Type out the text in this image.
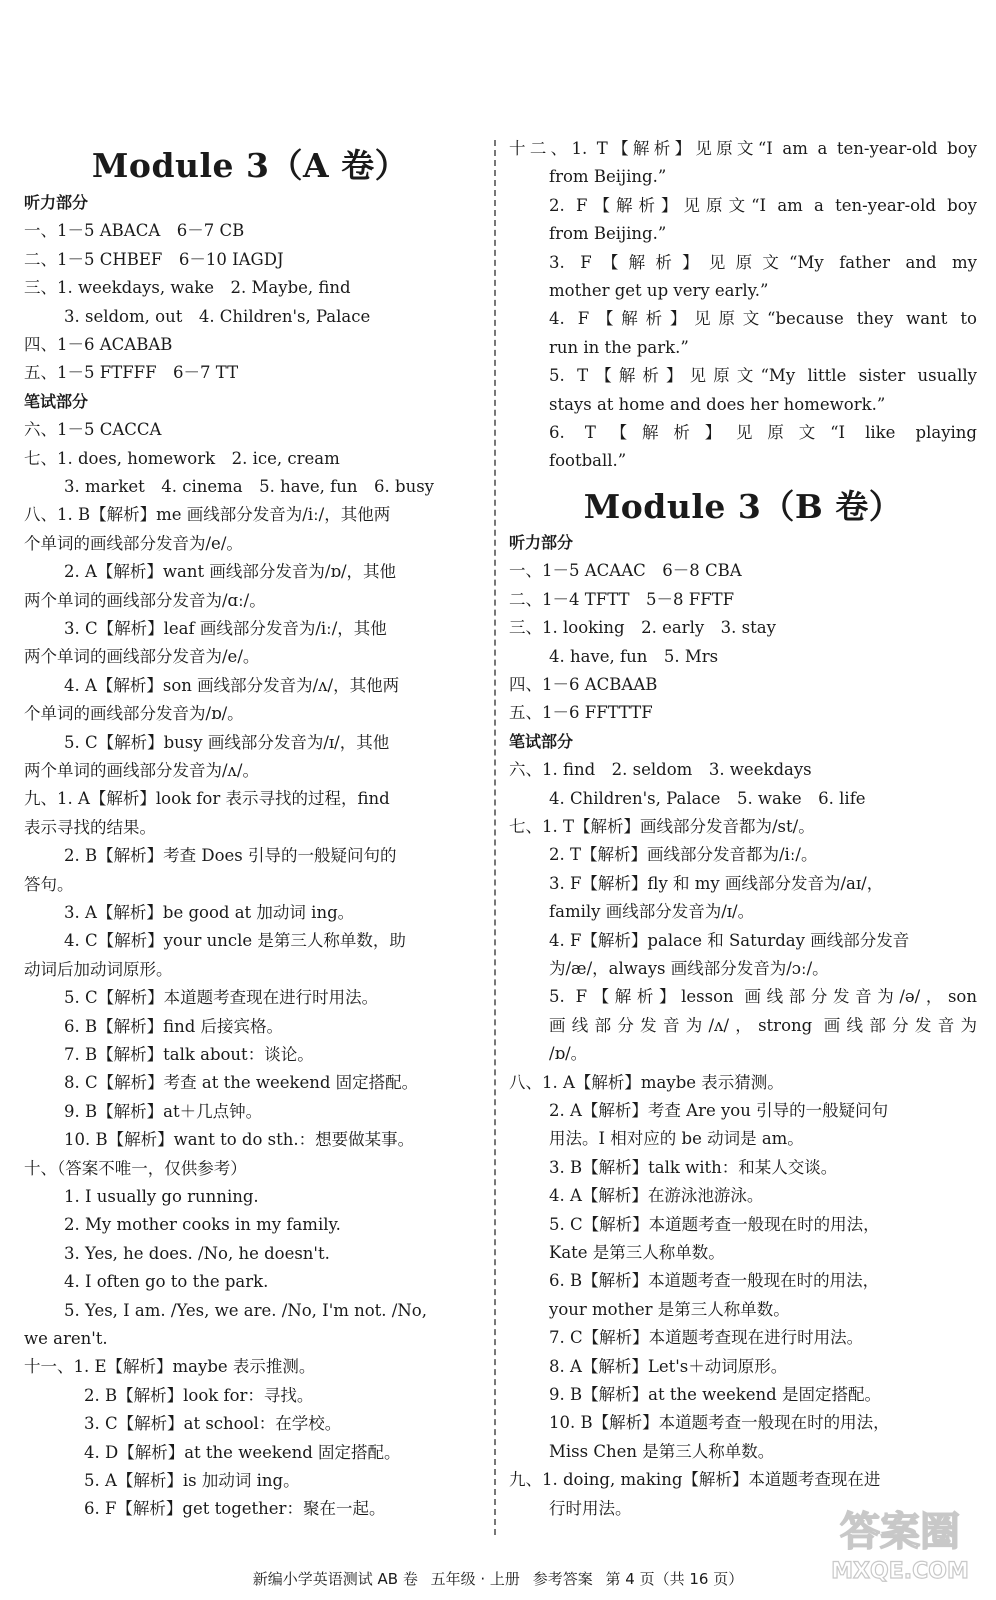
Module 3（A 卷）
听力部分
一、1－5 ABACA　6－7 CB
二、1－5 CHBEF　6－10 IAGDJ
三、1. weekdays, wake　2. Maybe, find
3. seldom, out　4. Children's, Palace
四、1－6 ACABAB
五、1－5 FTFFF　6－7 TT
笔试部分
六、1－5 CACCA
七、1. does, homework　2. ice, cream
3. market　4. cinema　5. have, fun　6. busy
八、1. B【解析】me 画线部分发音为/iː/，其他两
个单词的画线部分发音为/e/。
2. A【解析】want 画线部分发音为/ɒ/，其他
两个单词的画线部分发音为/ɑː/。
3. C【解析】leaf 画线部分发音为/iː/，其他
两个单词的画线部分发音为/e/。
4. A【解析】son 画线部分发音为/ʌ/，其他两
个单词的画线部分发音为/ɒ/。
5. C【解析】busy 画线部分发音为/ɪ/，其他
两个单词的画线部分发音为/ʌ/。
九、1. A【解析】look for 表示寻找的过程，find
表示寻找的结果。
2. B【解析】考查 Does 引导的一般疑问句的
答句。
3. A【解析】be good at 加动词 ing。
4. C【解析】your uncle 是第三人称单数，助
动词后加动词原形。
5. C【解析】本道题考查现在进行时用法。
6. B【解析】find 后接宾格。
7. B【解析】talk about：谈论。
8. C【解析】考查 at the weekend 固定搭配。
9. B【解析】at＋几点钟。
10. B【解析】want to do sth.：想要做某事。
十、（答案不唯一，仅供参考）
1. I usually go running.
2. My mother cooks in my family.
3. Yes, he does. /No, he doesn't.
4. I often go to the park.
5. Yes, I am. /Yes, we are. /No, I'm not. /No,
we aren't.
十一、1. E【解析】maybe 表示推测。
2. B【解析】look for：寻找。
3. C【解析】at school：在学校。
4. D【解析】at the weekend 固定搭配。
5. A【解析】is 加动词 ing。
6. F【解析】get together：聚在一起。
Module 3（B 卷）
十二、1. T【解析】见原文“I am a ten-year-old boy
from Beijing.”
2. F【解析】见原文“I am a ten-year-old boy
from Beijing.”
3. F【解析】见原文“My father and my
mother get up very early.”
4. F【解析】见原文“because they want to
run in the park.”
5. T【解析】见原文“My little sister usually
stays at home and does her homework.”
6. T【解析】见原文“I like playing
football.”
听力部分
一、1－5 ACAAC　6－8 CBA
二、1－4 TFTT　5－8 FFTF
三、1. looking　2. early　3. stay
4. have, fun　5. Mrs
四、1－6 ACBAAB
五、1－6 FFTTTF
笔试部分
六、1. find　2. seldom　3. weekdays
4. Children's, Palace　5. wake　6. life
七、1. T【解析】画线部分发音都为/st/。
2. T【解析】画线部分发音都为/iː/。
3. F【解析】fly 和 my 画线部分发音为/aɪ/，
family 画线部分发音为/ɪ/。
4. F【解析】palace 和 Saturday 画线部分发音
为/æ/，always 画线部分发音为/ɔː/。
5. F【解析】lesson 画线部分发音为/ə/，son
画线部分发音为/ʌ/，strong 画线部分发音为
/ɒ/。
八、1. A【解析】maybe 表示猜测。
2. A【解析】考查 Are you 引导的一般疑问句
用法。I 相对应的 be 动词是 am。
3. B【解析】talk with：和某人交谈。
4. A【解析】在游泳池游泳。
5. C【解析】本道题考查一般现在时的用法，
Kate 是第三人称单数。
6. B【解析】本道题考查一般现在时的用法，
your mother 是第三人称单数。
7. C【解析】本道题考查现在进行时用法。
8. A【解析】Let's＋动词原形。
9. B【解析】at the weekend 是固定搭配。
10. B【解析】本道题考查一般现在时的用法，
Miss Chen 是第三人称单数。
九、1. doing, making【解析】本道题考查现在进
行时用法。
新编小学英语测试 AB 卷 五年级 · 上册 参考答案 第 4 页（共 16 页）
答案圈
MXQE.COM
